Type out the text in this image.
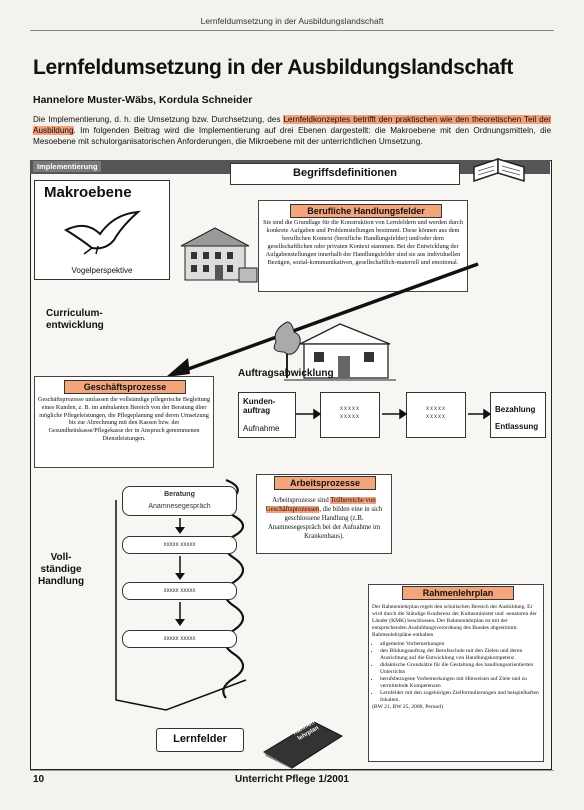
Lernfeldumsetzung in der Ausbildungslandschaft
Lernfeldumsetzung in der Ausbildungslandschaft
Hannelore Muster-Wäbs, Kordula Schneider
Die Implementierung, d. h. die Umsetzung bzw. Durchsetzung, des Lernfeldkonzeptes betrifft den praktischen wie den theoretischen Teil der Ausbildung. Im folgenden Beitrag wird die Implementierung auf drei Ebenen dargestellt: die Makroebene mit den Ordnungsmitteln, die Mesoebene mit schulorganisatorischen Anforderungen, die Mikroebene mit der unterrichtlichen Umsetzung.
Implementierung
Begriffsdefinitionen
Makroebene
Vogelperspektive
Berufliche Handlungsfelder
Sie sind die Grundlage für die Konstruktion von Lernfeldern und werden durch konkrete Aufgaben und Problemstellungen bestimmt. Diese können aus dem beruflichen Kontext (berufliche Handlungsfelder) und/oder dem gesellschaftlichen oder privaten Kontext stammen. Bei der Entwicklung der Aufgabenstellungen innerhalb der Handlungsfelder sind sie aus individuellen Bezügen, sozial-kommunikativen, gesellschaftlich-materiell und emotional.
Curriculum-
entwicklung
Auftragsabwicklung
Geschäftsprozesse
Geschäftsprozesse umfassen die vollständige pflegerische Begleitung eines Kunden, z. B. im ambulanten Bereich von der Beratung über mögliche Pflegeleistungen, die Pflegeplanung und deren Umsetzung bis zur Abrechnung mit den Kassen bzw. der Gesundheitskasse/Pflegekasse der in Anspruch genommenen Dienstleistungen.
Kunden-
auftrag
Aufnahme
xxxxx
xxxxx
xxxxx
xxxxx
Bezahlung
Entlassung
Voll-
ständige
Handlung
Beratung
Anamnesegespräch
xxxxx xxxxx
xxxxx xxxxx
xxxxx xxxxx
Arbeitsprozesse
Arbeitsprozesse sind Teilbereiche von Geschäftsprozessen, die bilden eine in sich geschlossene Handlung (z.B. Anamnesegespräch bei der Aufnahme im Krankenhaus).
Rahmenlehrplan
Der Rahmenlehrplan regelt den schulischen Bereich der Ausbildung. Er wird durch die Ständige Konferenz der Kultusminister und -senatoren der Länder (KMK) beschlossen. Der Rahmenlehrplan ist mit der entsprechenden Ausbildungsverordnung des Bundes abgestimmt. Rahmenlehrpläne enthalten
• allgemeine Vorbemerkungen
• den Bildungsauftrag der Berufsschule mit den Zielen und deren Ausrichtung auf die Entwicklung von Handlungskompetenz
• didaktische Grundsätze für die Gestaltung des handlungsorientierten Unterrichts
• berufsbezogene Vorbemerkungen mit Hinweisen auf Ziele und zu vermittelnde Kompetenzen
• Lernfelder mit den zugehörigen Zielformulierungen und beispielhaften Inhalten.
(BW 21, BW 25, 2000, Pernod)
Rahmen-
lehrplan
Lernfelder
10	Unterricht Pflege 1/2001
